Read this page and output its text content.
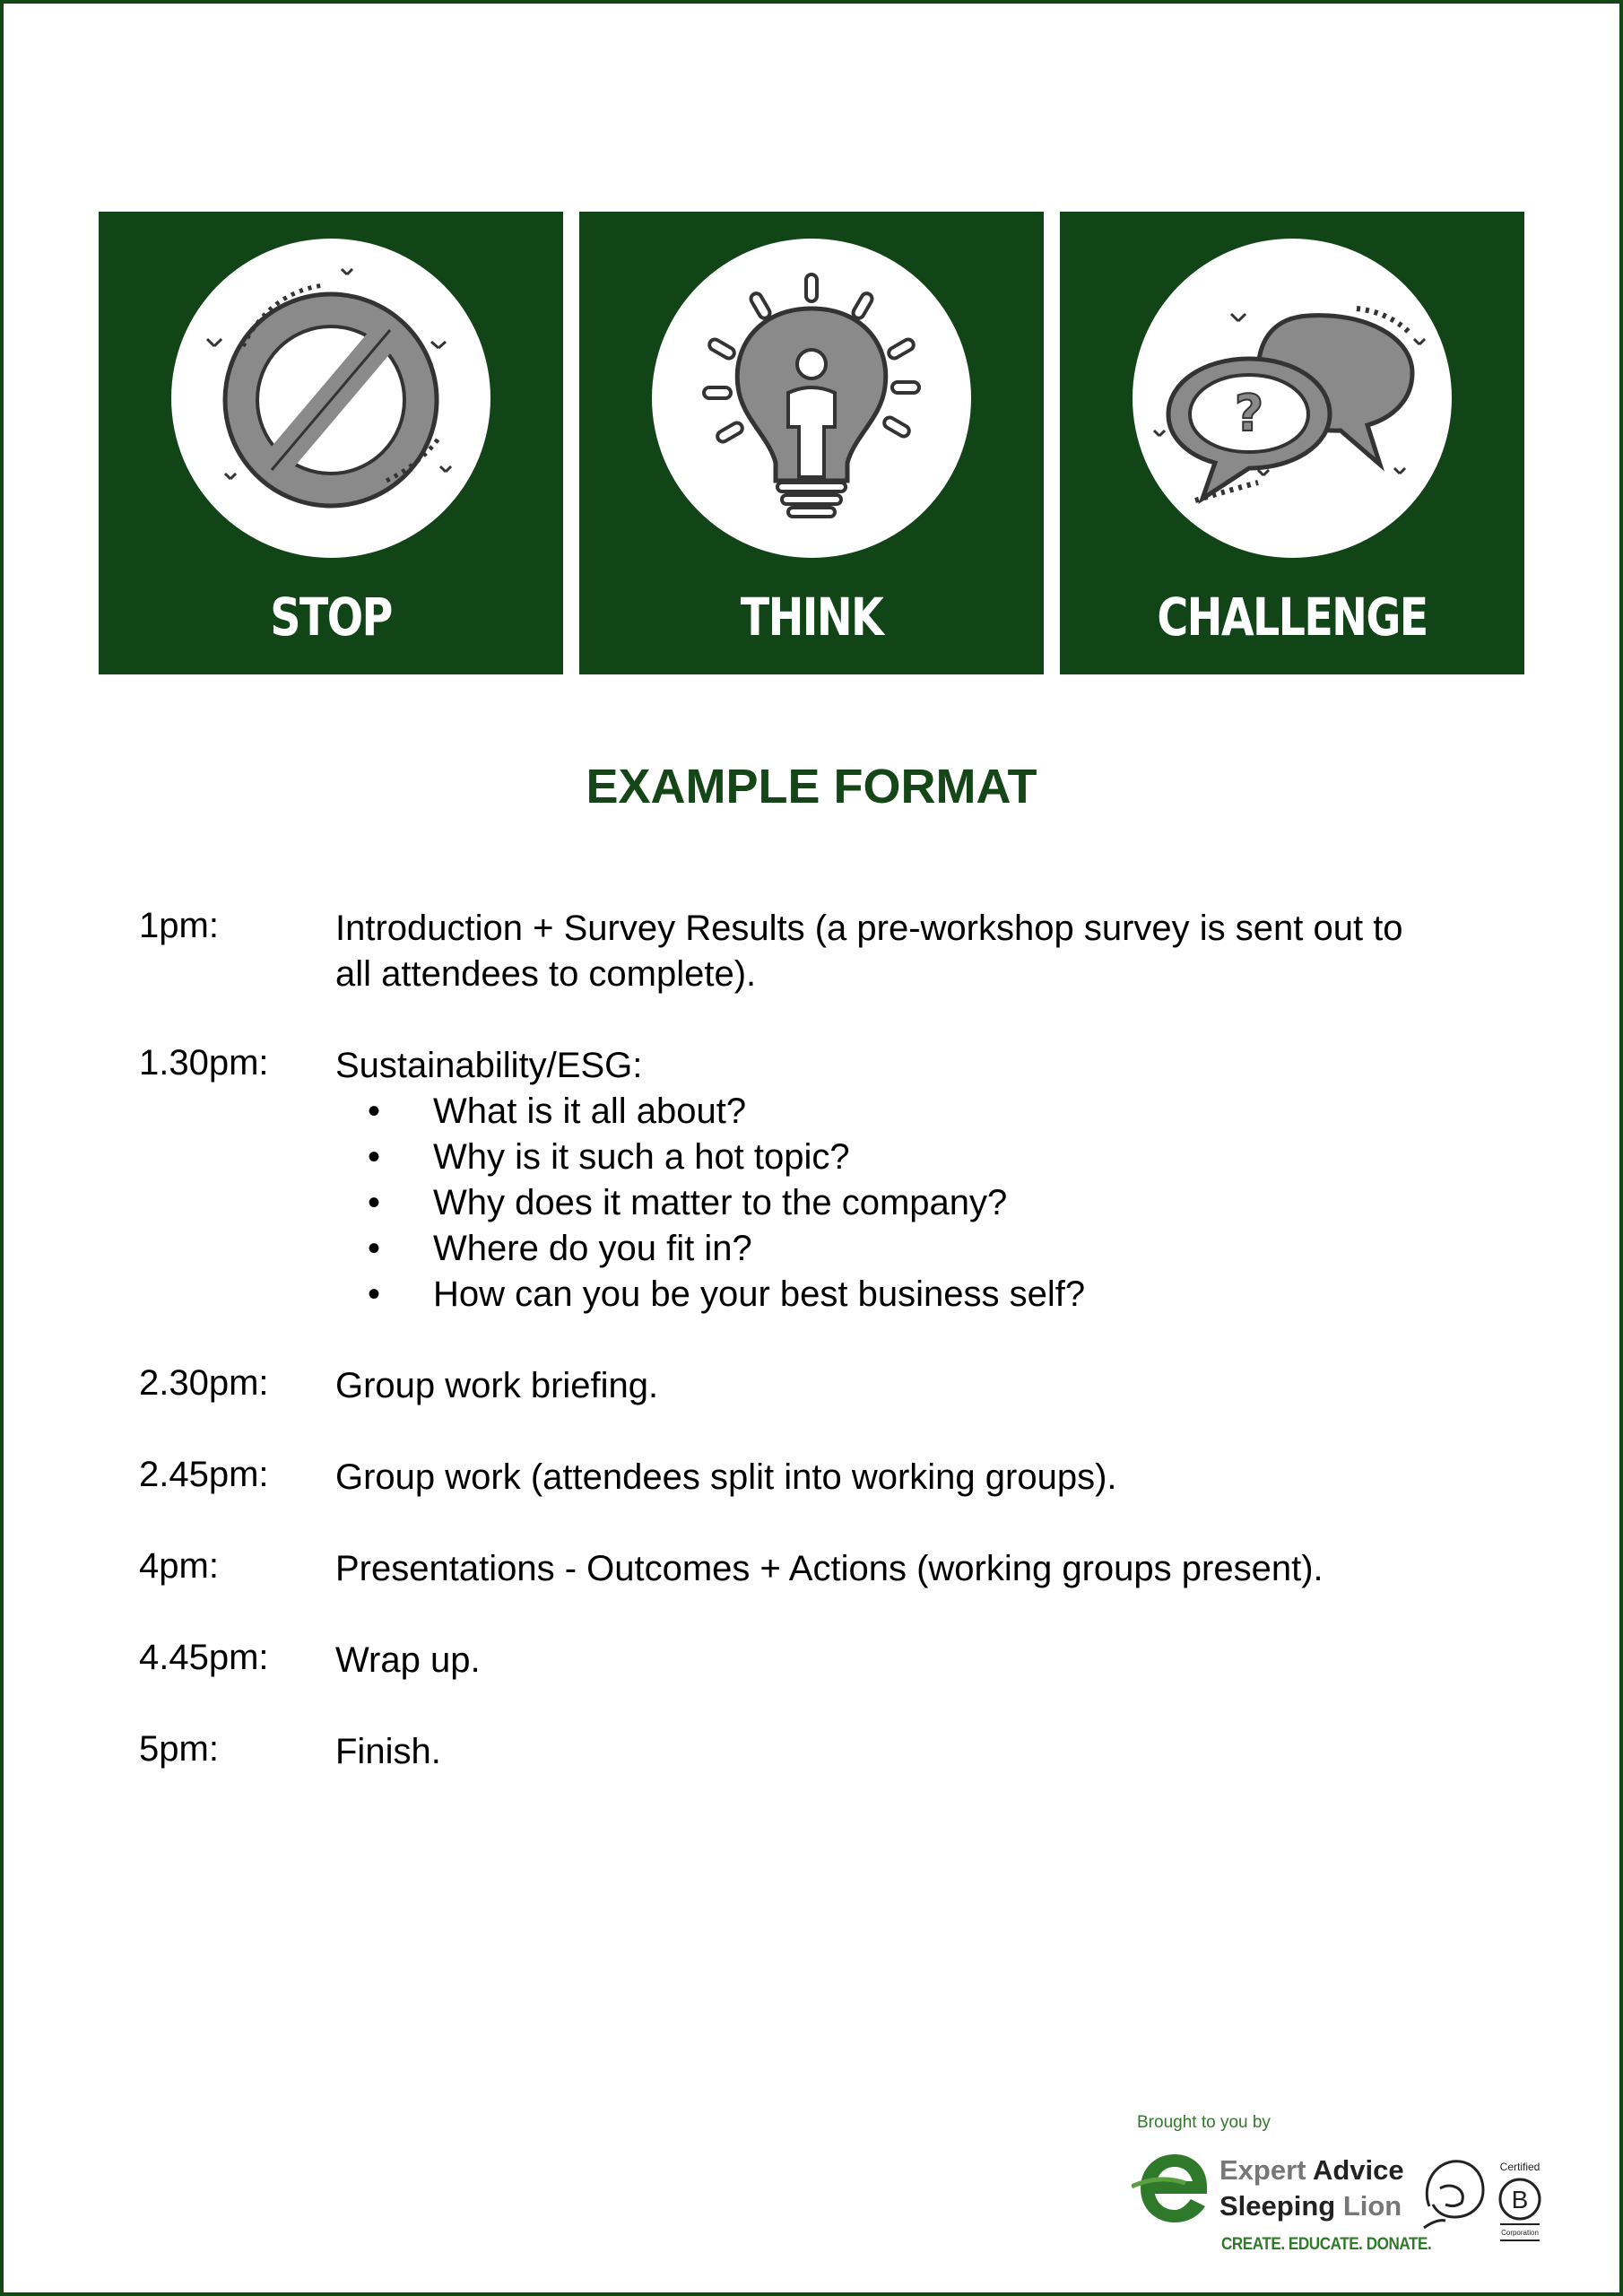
STOP	THINK
?
CHALLENGE
EXAMPLE FORMAT
1pm:	Introduction + Survey Results (a pre-workshop survey is sent out to
all attendees to complete).
1.30pm: Sustainability/ESG:
• What is it all about?
• Why is it such a hot topic?
• Why does it matter to the company?
• Where do you fit in?
• How can you be your best business self?
2.30pm: Group work briefing.
2.45pm: Group work (attendees split into working groups).
4pm:	Presentations - Outcomes + Actions (working groups present).
4.45pm: Wrap up.
5pm:	Finish.
Brought to you by
Expert Advice
Sleeping Lion
CREATE. EDUCATE. DONATE.
Certified
B
Corporation
